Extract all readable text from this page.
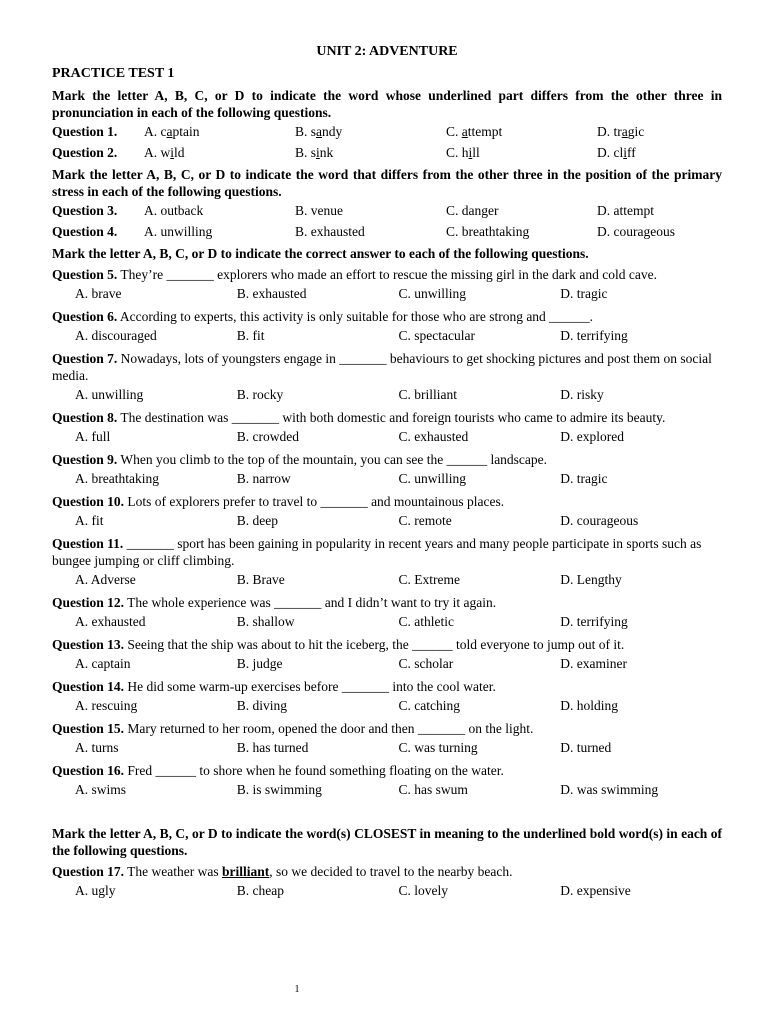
UNIT 2: ADVENTURE
PRACTICE TEST 1
Mark the letter A, B, C, or D to indicate the word whose underlined part differs from the other three in pronunciation in each of the following questions.
Question 1.	A. captain	B. sandy	C. attempt	D. tragic
Question 2.	A. wild	B. sink	C. hill	D. cliff
Mark the letter A, B, C, or D to indicate the word that differs from the other three in the position of the primary stress in each of the following questions.
Question 3.	A. outback	B. venue	C. danger	D. attempt
Question 4.	A. unwilling	B. exhausted	C. breathtaking	D. courageous
Mark the letter A, B, C, or D to indicate the correct answer to each of the following questions.
Question 5. They’re _______ explorers who made an effort to rescue the missing girl in the dark and cold cave.
A. brave	B. exhausted	C. unwilling	D. tragic
Question 6. According to experts, this activity is only suitable for those who are strong and ______.
A. discouraged	B. fit	C. spectacular	D. terrifying
Question 7. Nowadays, lots of youngsters engage in _______ behaviours to get shocking pictures and post them on social media.
A. unwilling	B. rocky	C. brilliant	D. risky
Question 8. The destination was _______ with both domestic and foreign tourists who came to admire its beauty.
A. full	B. crowded	C. exhausted	D. explored
Question 9. When you climb to the top of the mountain, you can see the ______ landscape.
A. breathtaking	B. narrow	C. unwilling	D. tragic
Question 10. Lots of explorers prefer to travel to _______ and mountainous places.
A. fit	B. deep	C. remote	D. courageous
Question 11. _______ sport has been gaining in popularity in recent years and many people participate in sports such as bungee jumping or cliff climbing.
A. Adverse	B. Brave	C. Extreme	D. Lengthy
Question 12. The whole experience was _______ and I didn’t want to try it again.
A. exhausted	B. shallow	C. athletic	D. terrifying
Question 13. Seeing that the ship was about to hit the iceberg, the ______ told everyone to jump out of it.
A. captain	B. judge	C. scholar	D. examiner
Question 14. He did some warm-up exercises before _______ into the cool water.
A. rescuing	B. diving	C. catching	D. holding
Question 15. Mary returned to her room, opened the door and then _______ on the light.
A. turns	B. has turned	C. was turning	D. turned
Question 16. Fred ______ to shore when he found something floating on the water.
A. swims	B. is swimming	C. has swum	D. was swimming
Mark the letter A, B, C, or D to indicate the word(s) CLOSEST in meaning to the underlined bold word(s) in each of the following questions.
Question 17. The weather was brilliant, so we decided to travel to the nearby beach.
A. ugly	B. cheap	C. lovely	D. expensive
1
